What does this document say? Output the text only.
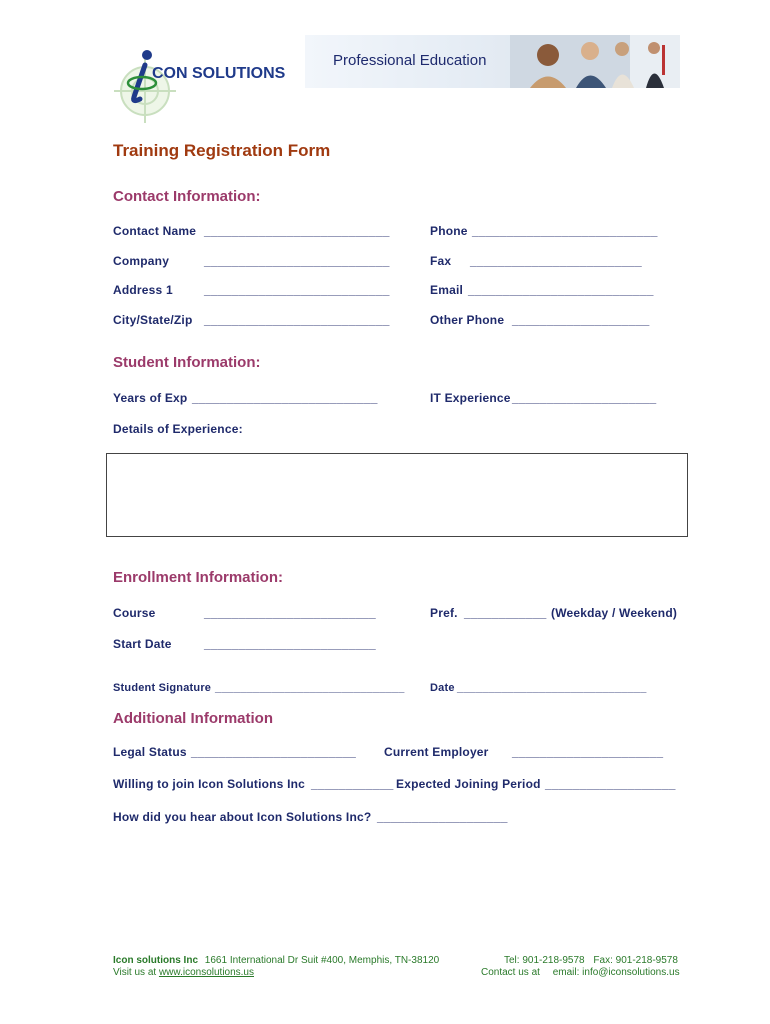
CON SOLUTIONS
Professional Education
Training Registration Form
Contact Information:
Contact Name ___________________________	Phone ___________________________
Company	___________________________	Fax _________________________
Address 1	___________________________	Email ___________________________
City/State/Zip ___________________________	Other Phone ____________________
Student Information:
Years of Exp ___________________________	IT Experience _____________________
Details of Experience:
Enrollment Information:
Course	_________________________	Pref. ____________ (Weekday / Weekend)
Start Date	_________________________
Student Signature ______________________________ Date ______________________________
Additional Information
Legal Status ________________________ Current Employer ______________________
Willing to join Icon Solutions Inc ____________ Expected Joining Period ___________________
How did you hear about Icon Solutions Inc? ___________________
Icon solutions Inc 1661 International Dr Suit #400, Memphis, TN-38120
Visit us at www.iconsolutions.us
Tel: 901-218-9578 Fax: 901-218-9578
Contact us at email: info@iconsolutions.us
